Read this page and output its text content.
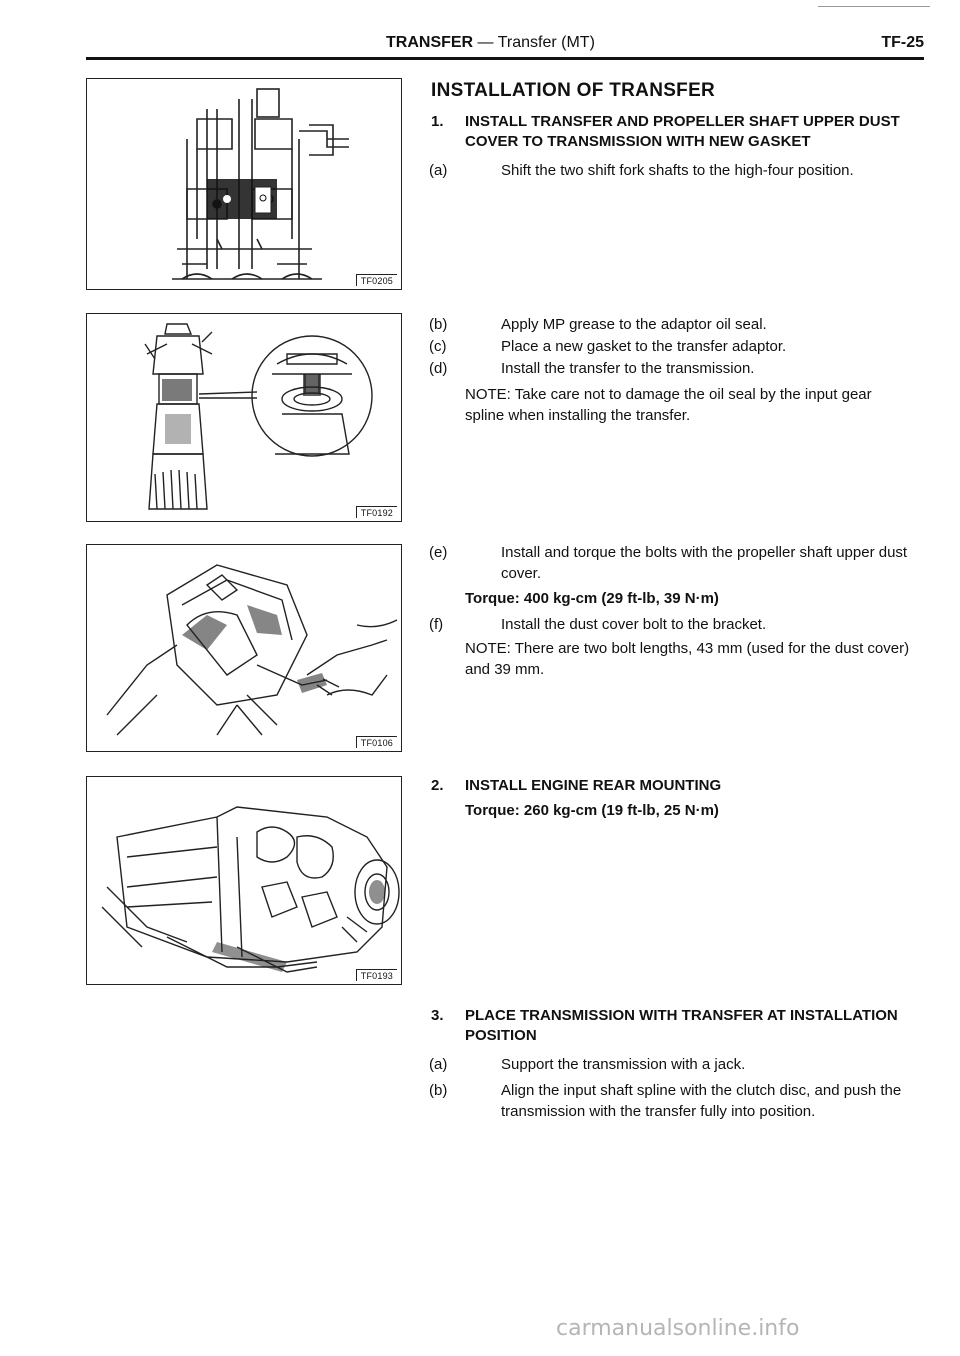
TRANSFER — Transfer (MT)	TF-25
TF0205
TF0192
TF0106
TF0193
INSTALLATION OF TRANSFER
1. INSTALL TRANSFER AND PROPELLER SHAFT UPPER DUST COVER TO TRANSMISSION WITH NEW GASKET
(a)	Shift the two shift fork shafts to the high-four position.
(b)	Apply MP grease to the adaptor oil seal.
(c)	Place a new gasket to the transfer adaptor.
(d)	Install the transfer to the transmission.
NOTE: Take care not to damage the oil seal by the input gear spline when installing the transfer.
(e)	Install and torque the bolts with the propeller shaft upper dust cover.
Torque: 400 kg-cm (29 ft-lb, 39 N·m)
(f)	Install the dust cover bolt to the bracket.
NOTE: There are two bolt lengths, 43 mm (used for the dust cover) and 39 mm.
2. INSTALL ENGINE REAR MOUNTING
Torque: 260 kg-cm (19 ft-lb, 25 N·m)
3. PLACE TRANSMISSION WITH TRANSFER AT INSTALLATION POSITION
(a)	Support the transmission with a jack.
(b)	Align the input shaft spline with the clutch disc, and push the transmission with the transfer fully into position.
carmanualsonline.info
